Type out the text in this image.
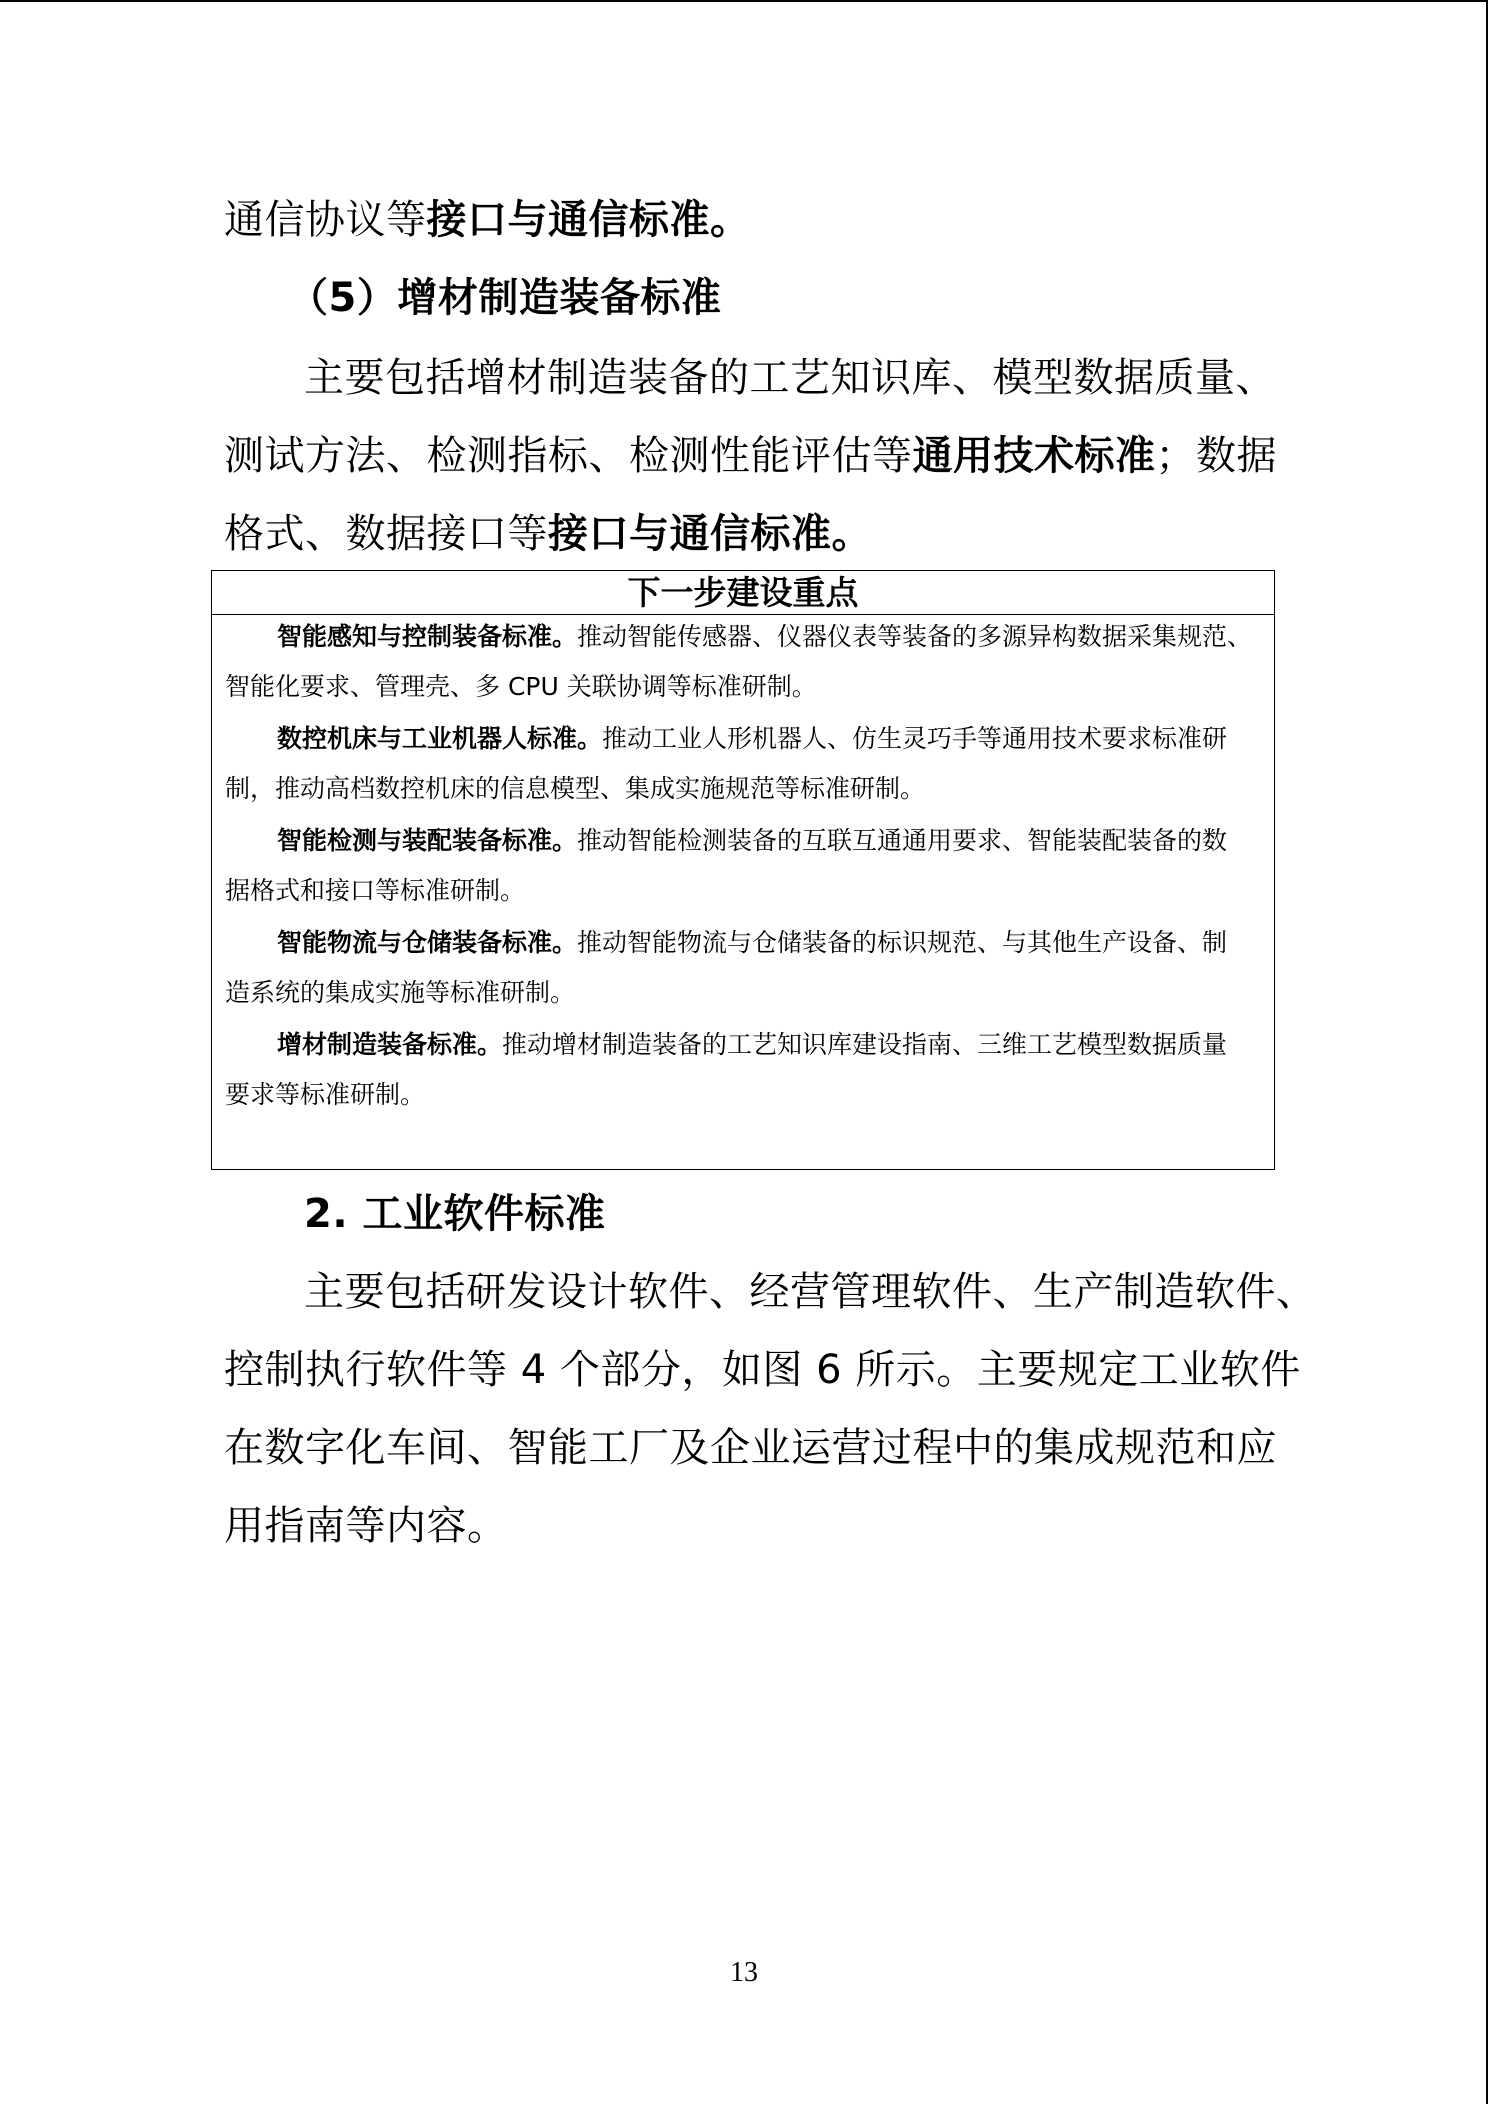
通信协议等接口与通信标准。
（5）增材制造装备标准
主要包括增材制造装备的工艺知识库、模型数据质量、
测试方法、检测指标、检测性能评估等通用技术标准；数据
格式、数据接口等接口与通信标准。
下一步建设重点
智能感知与控制装备标准。推动智能传感器、仪器仪表等装备的多源异构数据采集规范、
智能化要求、管理壳、多 CPU 关联协调等标准研制。
数控机床与工业机器人标准。推动工业人形机器人、仿生灵巧手等通用技术要求标准研
制，推动高档数控机床的信息模型、集成实施规范等标准研制。
智能检测与装配装备标准。推动智能检测装备的互联互通通用要求、智能装配装备的数
据格式和接口等标准研制。
智能物流与仓储装备标准。推动智能物流与仓储装备的标识规范、与其他生产设备、制
造系统的集成实施等标准研制。
增材制造装备标准。推动增材制造装备的工艺知识库建设指南、三维工艺模型数据质量
要求等标准研制。
2. 工业软件标准
主要包括研发设计软件、经营管理软件、生产制造软件、
控制执行软件等 4 个部分，如图 6 所示。主要规定工业软件
在数字化车间、智能工厂及企业运营过程中的集成规范和应
用指南等内容。
13
